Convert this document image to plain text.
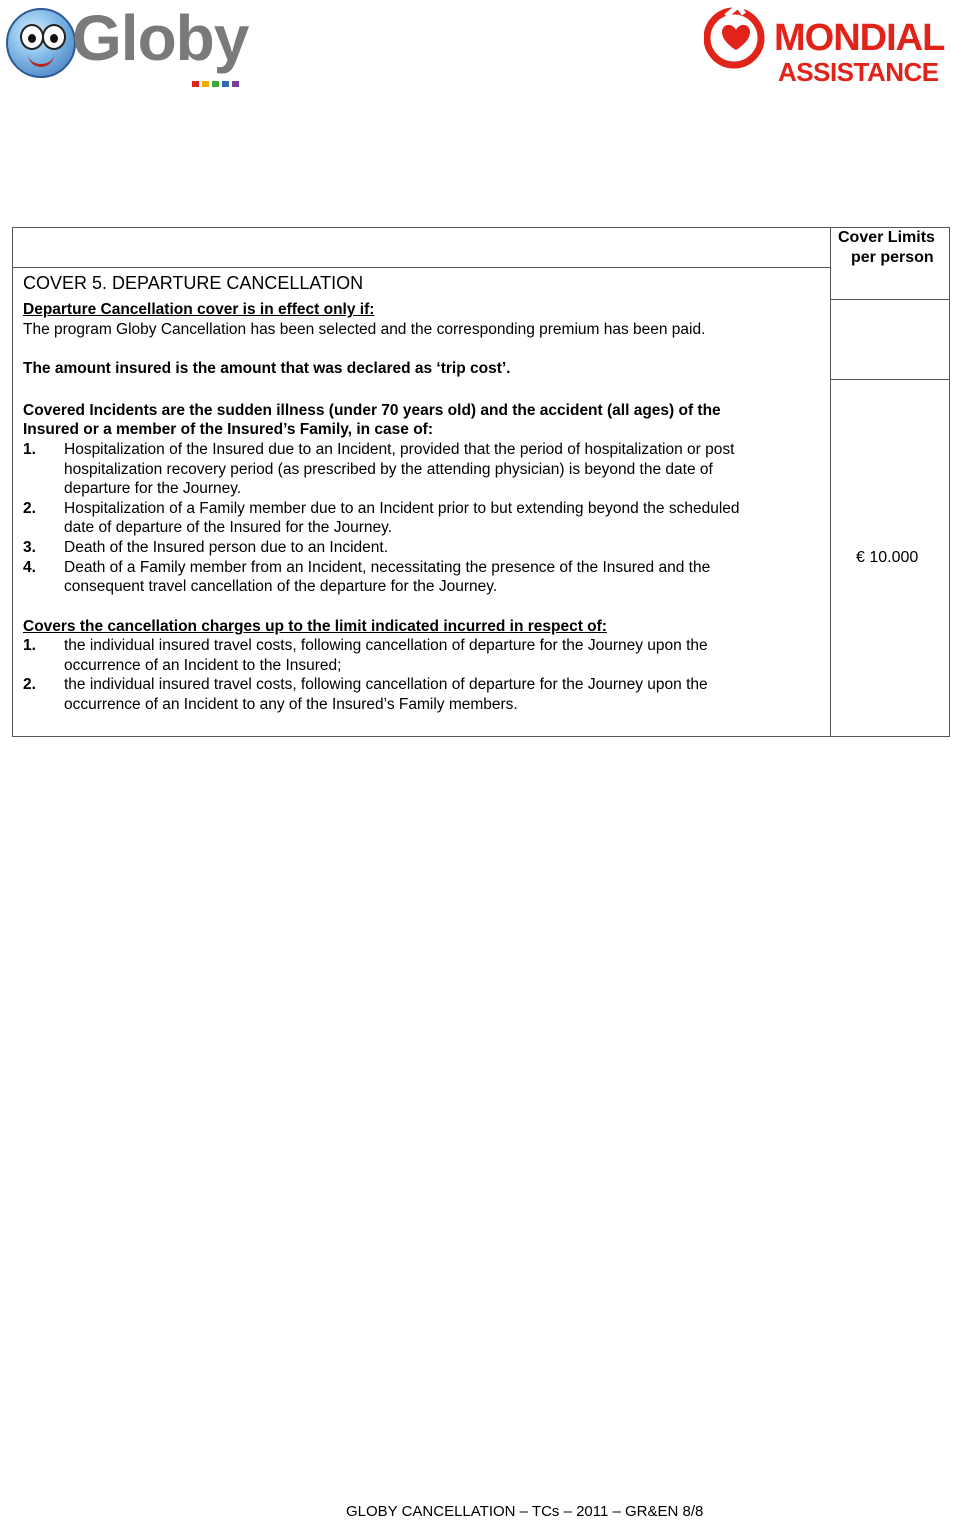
Globy	MONDIAL
ASSISTANCE
Cover Limits
per person
COVER 5. DEPARTURE CANCELLATION
Departure Cancellation cover is in effect only if:
The program Globy Cancellation has been selected and the corresponding premium has been paid.
The amount insured is the amount that was declared as ‘trip cost’.
Covered Incidents are the sudden illness (under 70 years old) and the accident (all ages) of the
Insured or a member of the Insured’s Family, in case of:
1. Hospitalization of the Insured due to an Incident, provided that the period of hospitalization or post
hospitalization recovery period (as prescribed by the attending physician) is beyond the date of
departure for the Journey.
2. Hospitalization of a Family member due to an Incident prior to but extending beyond the scheduled
date of departure of the Insured for the Journey.
3. Death of the Insured person due to an Incident.
4. Death of a Family member from an Incident, necessitating the presence of the Insured and the
consequent travel cancellation of the departure for the Journey.
Covers the cancellation charges up to the limit indicated incurred in respect of:
1. the individual insured travel costs, following cancellation of departure for the Journey upon the
occurrence of an Incident to the Insured;
2. the individual insured travel costs, following cancellation of departure for the Journey upon the
occurrence of an Incident to any of the Insured’s Family members.
€ 10.000
GLOBY CANCELLATION – TCs – 2011 – GR&EN 8/8
